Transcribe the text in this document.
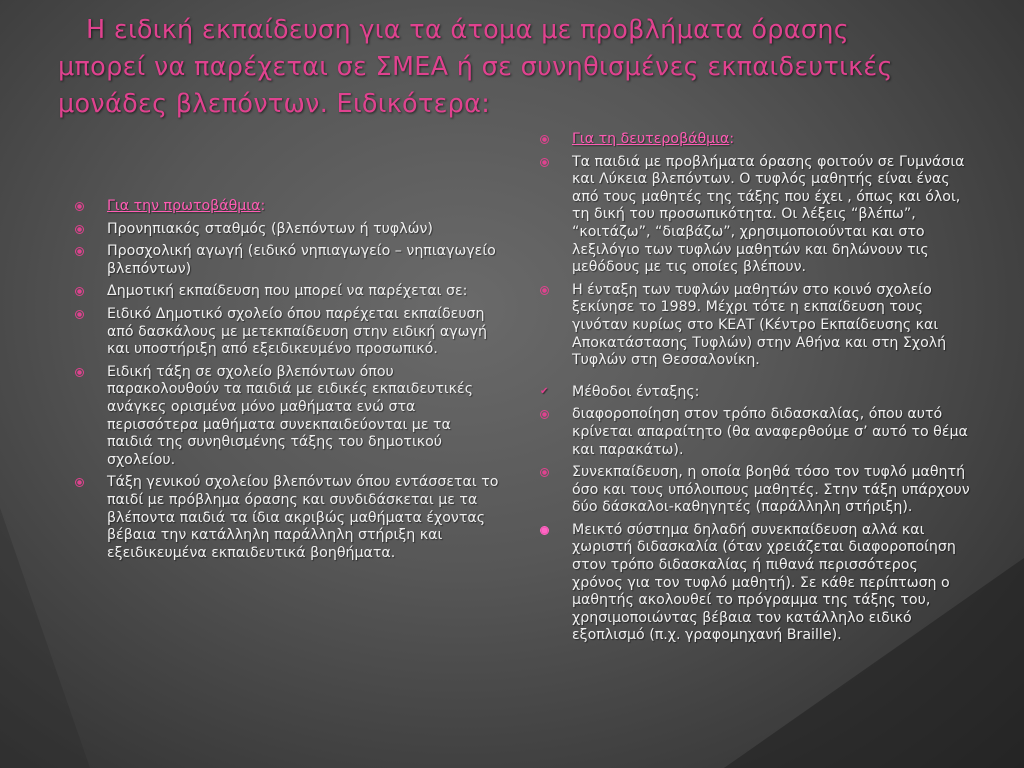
Η ειδική εκπαίδευση για τα άτομα με προβλήματα όρασης
μπορεί να παρέχεται σε ΣΜΕΑ ή σε συνηθισμένες εκπαιδευτικές
μονάδες βλεπόντων. Ειδικότερα:
Για την πρωτοβάθμια:
Προνηπιακός σταθμός (βλεπόντων ή τυφλών)
Προσχολική αγωγή (ειδικό νηπιαγωγείο – νηπιαγωγείο βλεπόντων)
Δημοτική εκπαίδευση που μπορεί να παρέχεται σε:
Ειδικό Δημοτικό σχολείο όπου παρέχεται εκπαίδευση από δασκάλους με μετεκπαίδευση στην ειδική αγωγή και υποστήριξη από εξειδικευμένο προσωπικό.
Ειδική τάξη σε σχολείο βλεπόντων όπου παρακολουθούν τα παιδιά με ειδικές εκπαιδευτικές ανάγκες ορισμένα μόνο μαθήματα ενώ στα περισσότερα μαθήματα συνεκπαιδεύονται με τα παιδιά της συνηθισμένης τάξης του δημοτικού σχολείου.
Τάξη γενικού σχολείου βλεπόντων όπου εντάσσεται το παιδί με πρόβλημα όρασης και συνδιδάσκεται με τα βλέποντα παιδιά τα ίδια ακριβώς μαθήματα έχοντας βέβαια την κατάλληλη παράλληλη στήριξη και εξειδικευμένα εκπαιδευτικά βοηθήματα.
Για τη δευτεροβάθμια:
Τα παιδιά με προβλήματα όρασης φοιτούν σε Γυμνάσια και Λύκεια βλεπόντων. Ο τυφλός μαθητής είναι ένας από τους μαθητές της τάξης που έχει , όπως και όλοι, τη δική του προσωπικότητα. Οι λέξεις “βλέπω”, “κοιτάζω”, “διαβάζω”, χρησιμοποιούνται και στο λεξιλόγιο των τυφλών μαθητών και δηλώνουν τις μεθόδους με τις οποίες βλέπουν.
Η ένταξη των τυφλών μαθητών στο κοινό σχολείο ξεκίνησε το 1989. Μέχρι τότε η εκπαίδευση τους γινόταν κυρίως στο ΚΕΑΤ (Κέντρο Εκπαίδευσης και Αποκατάστασης Τυφλών) στην Αθήνα και στη Σχολή Τυφλών στη Θεσσαλονίκη.
✔ Μέθοδοι ένταξης:
διαφοροποίηση στον τρόπο διδασκαλίας, όπου αυτό κρίνεται απαραίτητο (θα αναφερθούμε σ’ αυτό το θέμα και παρακάτω).
Συνεκπαίδευση, η οποία βοηθά τόσο τον τυφλό μαθητή όσο και τους υπόλοιπους μαθητές. Στην τάξη υπάρχουν δύο δάσκαλοι-καθηγητές (παράλληλη στήριξη).
Μεικτό σύστημα δηλαδή συνεκπαίδευση αλλά και χωριστή διδασκαλία (όταν χρειάζεται διαφοροποίηση στον τρόπο διδασκαλίας ή πιθανά περισσότερος χρόνος για τον τυφλό μαθητή). Σε κάθε περίπτωση ο μαθητής ακολουθεί το πρόγραμμα της τάξης του, χρησιμοποιώντας βέβαια τον κατάλληλο ειδικό εξοπλισμό (π.χ. γραφομηχανή Braille).
